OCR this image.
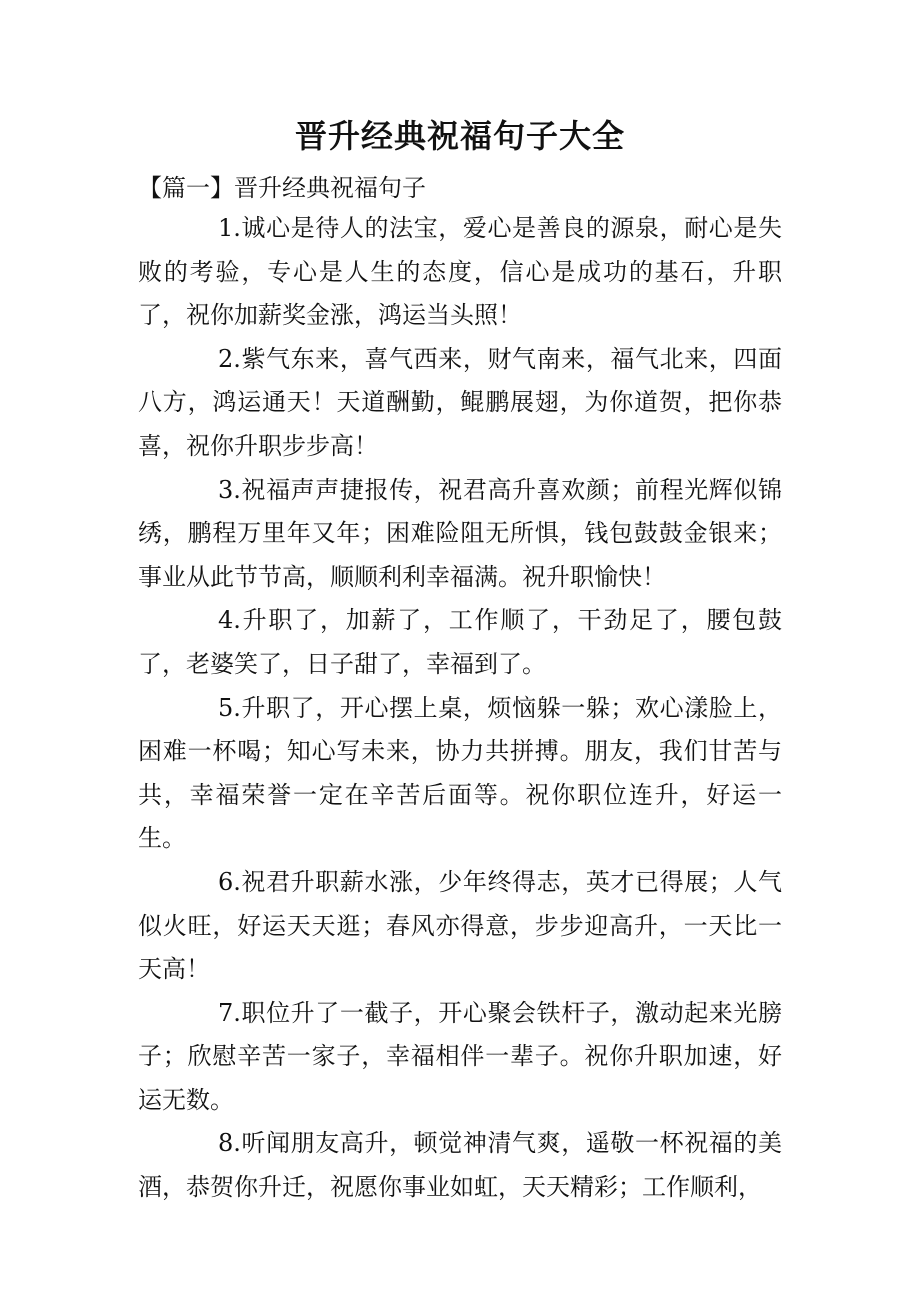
晋升经典祝福句子大全
【篇一】晋升经典祝福句子

1.诚心是待人的法宝，爱心是善良的源泉，耐心是失败的考验，专心是人生的态度，信心是成功的基石，升职了，祝你加薪奖金涨，鸿运当头照！

2.紫气东来，喜气西来，财气南来，福气北来，四面八方，鸿运通天！天道酬勤，鲲鹏展翅，为你道贺，把你恭喜，祝你升职步步高！

3.祝福声声捷报传，祝君高升喜欢颜；前程光辉似锦绣，鹏程万里年又年；困难险阻无所惧，钱包鼓鼓金银来；事业从此节节高，顺顺利利幸福满。祝升职愉快！

4.升职了，加薪了，工作顺了，干劲足了，腰包鼓了，老婆笑了，日子甜了，幸福到了。

5.升职了，开心摆上桌，烦恼躲一躲；欢心漾脸上，困难一杯喝；知心写未来，协力共拼搏。朋友，我们甘苦与共，幸福荣誉一定在辛苦后面等。祝你职位连升，好运一生。

6.祝君升职薪水涨，少年终得志，英才已得展；人气似火旺，好运天天逛；春风亦得意，步步迎高升，一天比一天高！

7.职位升了一截子，开心聚会铁杆子，激动起来光膀子；欣慰辛苦一家子，幸福相伴一辈子。祝你升职加速，好运无数。

8.听闻朋友高升，顿觉神清气爽，遥敬一杯祝福的美酒，恭贺你升迁，祝愿你事业如虹，天天精彩；工作顺利，
